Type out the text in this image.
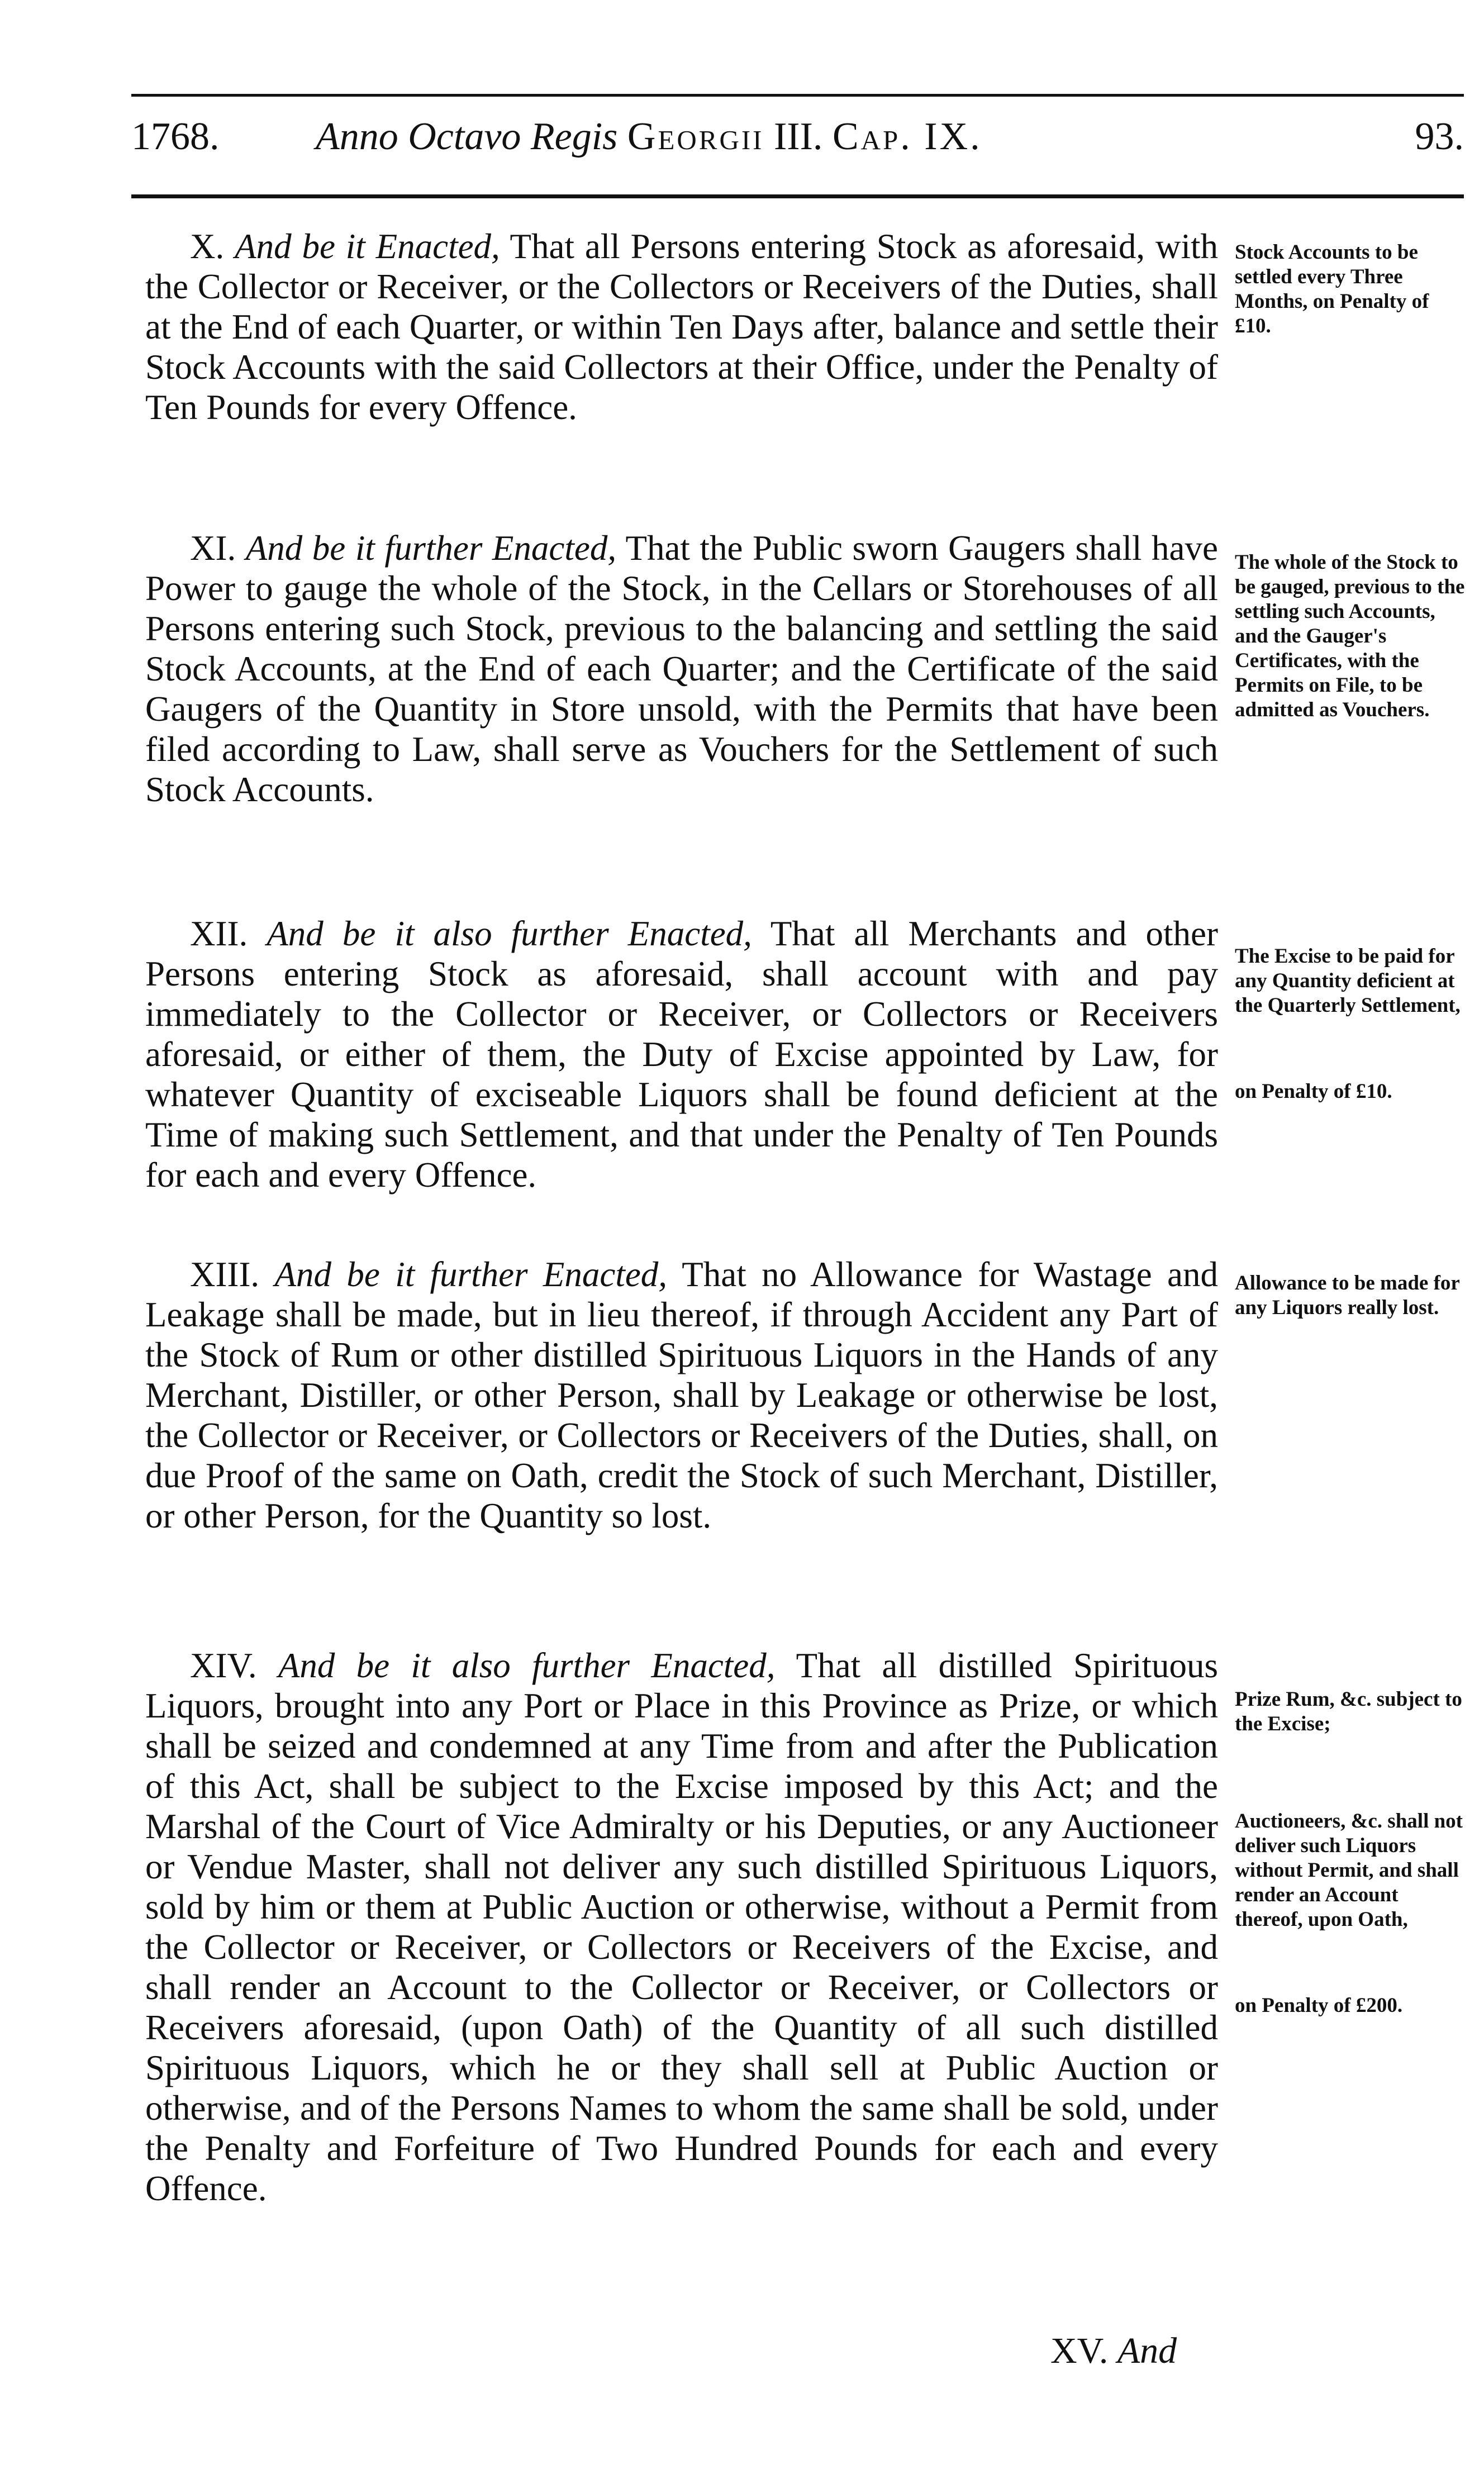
1768. Anno Octavo Regis Georgii III. Cap. IX.	93.
X. And be it Enacted, That all Persons entering Stock as aforesaid, with the Collector or Receiver, or the Collectors or Receivers of the Duties, shall at the End of each Quarter, or within Ten Days after, balance and settle their Stock Accounts with the said Collectors at their Office, under the Penalty of Ten Pounds for every Offence.

Stock Accounts to be settled every Three Months, on Penalty of £10.

XI. And be it further Enacted, That the Public sworn Gaugers shall have Power to gauge the whole of the Stock, in the Cellars or Storehouses of all Persons entering such Stock, previous to the balancing and settling the said Stock Accounts, at the End of each Quarter; and the Certificate of the said Gaugers of the Quantity in Store unsold, with the Permits that have been filed according to Law, shall serve as Vouchers for the Settlement of such Stock Accounts.

The whole of the Stock to be gauged, previous to the settling such Accounts, and the Gauger's Certificates, with the Permits on File, to be admitted as Vouchers.

XII. And be it also further Enacted, That all Merchants and other Persons entering Stock as aforesaid, shall account with and pay immediately to the Collector or Receiver, or Collectors or Receivers aforesaid, or either of them, the Duty of Excise appointed by Law, for whatever Quantity of exciseable Liquors shall be found deficient at the Time of making such Settlement, and that under the Penalty of Ten Pounds for each and every Offence.

The Excise to be paid for any Quantity deficient at the Quarterly Settlement,

on Penalty of £10.

XIII. And be it further Enacted, That no Allowance for Wastage and Leakage shall be made, but in lieu thereof, if through Accident any Part of the Stock of Rum or other distilled Spirituous Liquors in the Hands of any Merchant, Distiller, or other Person, shall by Leakage or otherwise be lost, the Collector or Receiver, or Collectors or Receivers of the Duties, shall, on due Proof of the same on Oath, credit the Stock of such Merchant, Distiller, or other Person, for the Quantity so lost.

Allowance to be made for any Liquors really lost.

XIV. And be it also further Enacted, That all distilled Spirituous Liquors, brought into any Port or Place in this Province as Prize, or which shall be seized and condemned at any Time from and after the Publication of this Act, shall be subject to the Excise imposed by this Act; and the Marshal of the Court of Vice Admiralty or his Deputies, or any Auctioneer or Vendue Master, shall not deliver any such distilled Spirituous Liquors, sold by him or them at Public Auction or otherwise, without a Permit from the Collector or Receiver, or Collectors or Receivers of the Excise, and shall render an Account to the Collector or Receiver, or Collectors or Receivers aforesaid, (upon Oath) of the Quantity of all such distilled Spirituous Liquors, which he or they shall sell at Public Auction or otherwise, and of the Persons Names to whom the same shall be sold, under the Penalty and Forfeiture of Two Hundred Pounds for each and every Offence.

Prize Rum, &c. subject to the Excise;

Auctioneers, &c. shall not deliver such Liquors without Permit, and shall render an Account thereof, upon Oath,

on Penalty of £200.

XV. And
